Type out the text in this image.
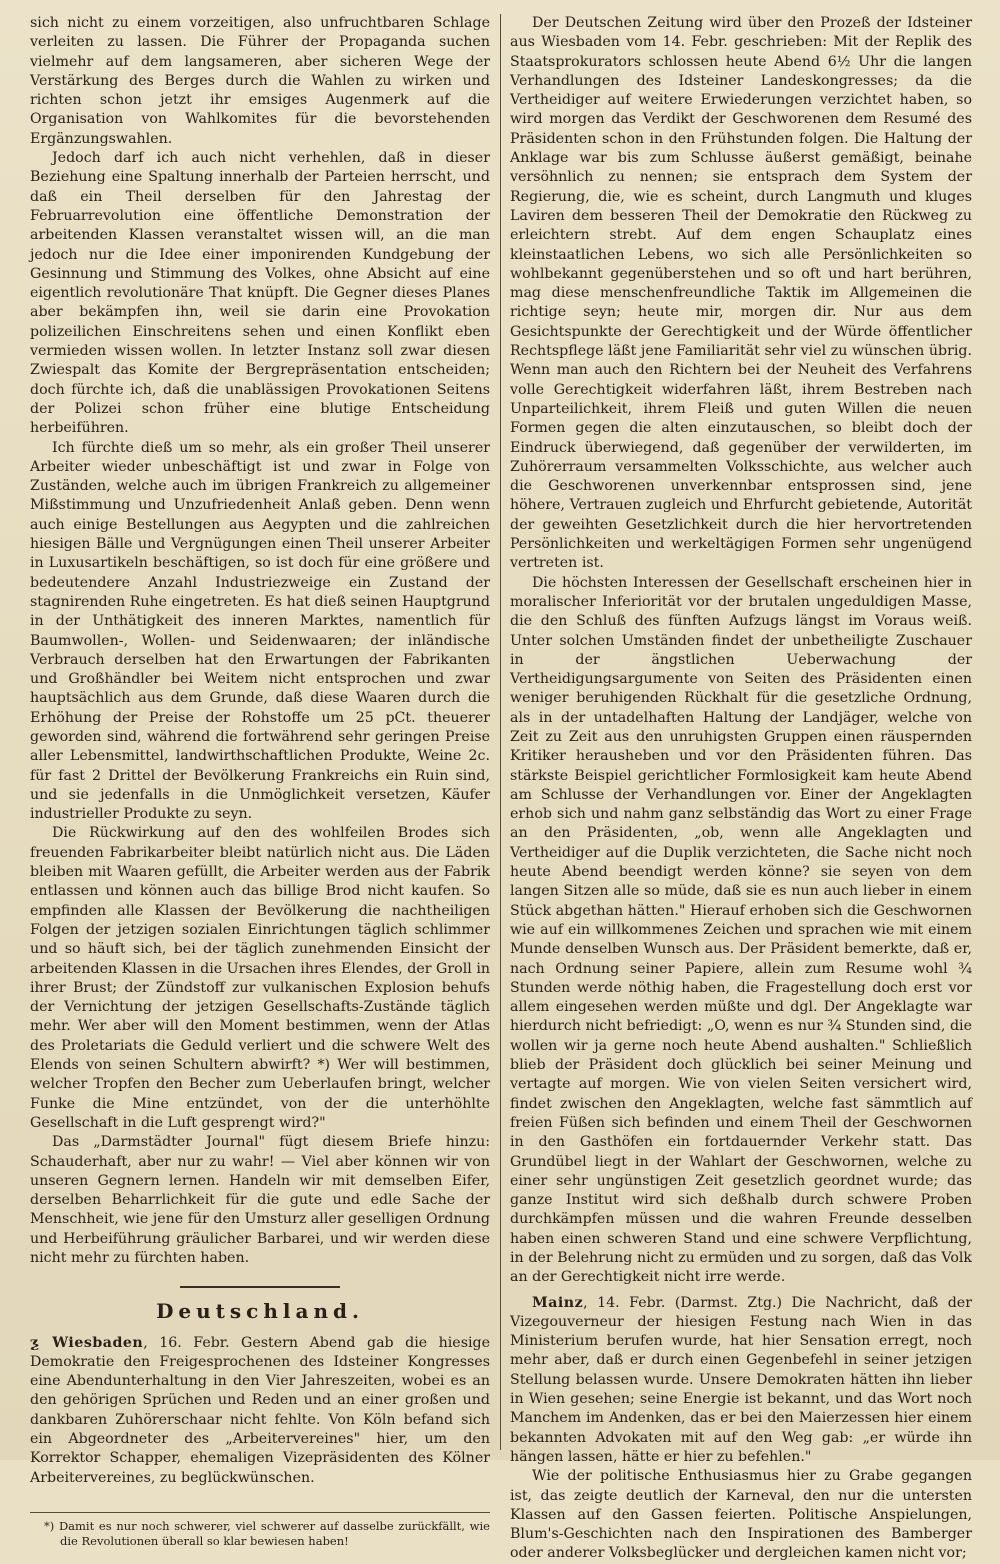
sich nicht zu einem vorzeitigen, also unfruchtbaren Schlage verleiten zu lassen. Die Führer der Propaganda suchen vielmehr auf dem langsameren, aber sicheren Wege der Verstärkung des Berges durch die Wahlen zu wirken und richten schon jetzt ihr emsiges Augenmerk auf die Organisation von Wahlkomites für die bevorstehenden Ergänzungswahlen.

Jedoch darf ich auch nicht verhehlen, daß in dieser Beziehung eine Spaltung innerhalb der Parteien herrscht, und daß ein Theil derselben für den Jahrestag der Februarrevolution eine öffentliche Demonstration der arbeitenden Klassen veranstaltet wissen will, an die man jedoch nur die Idee einer imponirenden Kundgebung der Gesinnung und Stimmung des Volkes, ohne Absicht auf eine eigentlich revolutionäre That knüpft. Die Gegner dieses Planes aber bekämpfen ihn, weil sie darin eine Provokation polizeilichen Einschreitens sehen und einen Konflikt eben vermieden wissen wollen. In letzter Instanz soll zwar diesen Zwiespalt das Komite der Bergrepräsentation entscheiden; doch fürchte ich, daß die unablässigen Provokationen Seitens der Polizei schon früher eine blutige Entscheidung herbeiführen.

Ich fürchte dieß um so mehr, als ein großer Theil unserer Arbeiter wieder unbeschäftigt ist und zwar in Folge von Zuständen, welche auch im übrigen Frankreich zu allgemeiner Mißstimmung und Unzufriedenheit Anlaß geben. Denn wenn auch einige Bestellungen aus Aegypten und die zahlreichen hiesigen Bälle und Vergnügungen einen Theil unserer Arbeiter in Luxusartikeln beschäftigen, so ist doch für eine größere und bedeutendere Anzahl Industriezweige ein Zustand der stagnirenden Ruhe eingetreten. Es hat dieß seinen Hauptgrund in der Unthätigkeit des inneren Marktes, namentlich für Baumwollen-, Wollen- und Seidenwaaren; der inländische Verbrauch derselben hat den Erwartungen der Fabrikanten und Großhändler bei Weitem nicht entsprochen und zwar hauptsächlich aus dem Grunde, daß diese Waaren durch die Erhöhung der Preise der Rohstoffe um 25 pCt. theuerer geworden sind, während die fortwährend sehr geringen Preise aller Lebensmittel, landwirthschaftlichen Produkte, Weine 2c. für fast 2 Drittel der Bevölkerung Frankreichs ein Ruin sind, und sie jedenfalls in die Unmöglichkeit versetzen, Käufer industrieller Produkte zu seyn.

Die Rückwirkung auf den des wohlfeilen Brodes sich freuenden Fabrikarbeiter bleibt natürlich nicht aus. Die Läden bleiben mit Waaren gefüllt, die Arbeiter werden aus der Fabrik entlassen und können auch das billige Brod nicht kaufen. So empfinden alle Klassen der Bevölkerung die nachtheiligen Folgen der jetzigen sozialen Einrichtungen täglich schlimmer und so häuft sich, bei der täglich zunehmenden Einsicht der arbeitenden Klassen in die Ursachen ihres Elendes, der Groll in ihrer Brust; der Zündstoff zur vulkanischen Explosion behufs der Vernichtung der jetzigen Gesellschafts-Zustände täglich mehr. Wer aber will den Moment bestimmen, wenn der Atlas des Proletariats die Geduld verliert und die schwere Welt des Elends von seinen Schultern abwirft? *) Wer will bestimmen, welcher Tropfen den Becher zum Ueberlaufen bringt, welcher Funke die Mine entzündet, von der die unterhöhlte Gesellschaft in die Luft gesprengt wird?"

Das „Darmstädter Journal" fügt diesem Briefe hinzu: Schauderhaft, aber nur zu wahr! — Viel aber können wir von unseren Gegnern lernen. Handeln wir mit demselben Eifer, derselben Beharrlichkeit für die gute und edle Sache der Menschheit, wie jene für den Umsturz aller geselligen Ordnung und Herbeiführung gräulicher Barbarei, und wir werden diese nicht mehr zu fürchten haben.

Deutschland.

ƺ Wiesbaden, 16. Febr. Gestern Abend gab die hiesige Demokratie den Freigesprochenen des Idsteiner Kongresses eine Abendunterhaltung in den Vier Jahreszeiten, wobei es an den gehörigen Sprüchen und Reden und an einer großen und dankbaren Zuhörerschaar nicht fehlte. Von Köln befand sich ein Abgeordneter des „Arbeitervereines" hier, um den Korrektor Schapper, ehemaligen Vizepräsidenten des Kölner Arbeitervereines, zu beglückwünschen.

*) Damit es nur noch schwerer, viel schwerer auf dasselbe zurückfällt, wie die Revolutionen überall so klar bewiesen haben!

Der Deutschen Zeitung wird über den Prozeß der Idsteiner aus Wiesbaden vom 14. Febr. geschrieben: Mit der Replik des Staatsprokurators schlossen heute Abend 6½ Uhr die langen Verhandlungen des Idsteiner Landeskongresses; da die Vertheidiger auf weitere Erwiederungen verzichtet haben, so wird morgen das Verdikt der Geschworenen dem Resumé des Präsidenten schon in den Frühstunden folgen. Die Haltung der Anklage war bis zum Schlusse äußerst gemäßigt, beinahe versöhnlich zu nennen; sie entsprach dem System der Regierung, die, wie es scheint, durch Langmuth und kluges Laviren dem besseren Theil der Demokratie den Rückweg zu erleichtern strebt. Auf dem engen Schauplatz eines kleinstaatlichen Lebens, wo sich alle Persönlichkeiten so wohlbekannt gegenüberstehen und so oft und hart berühren, mag diese menschenfreundliche Taktik im Allgemeinen die richtige seyn; heute mir, morgen dir. Nur aus dem Gesichtspunkte der Gerechtigkeit und der Würde öffentlicher Rechtspflege läßt jene Familiarität sehr viel zu wünschen übrig. Wenn man auch den Richtern bei der Neuheit des Verfahrens volle Gerechtigkeit widerfahren läßt, ihrem Bestreben nach Unparteilichkeit, ihrem Fleiß und guten Willen die neuen Formen gegen die alten einzutauschen, so bleibt doch der Eindruck überwiegend, daß gegenüber der verwilderten, im Zuhörerraum versammelten Volksschichte, aus welcher auch die Geschworenen unverkennbar entsprossen sind, jene höhere, Vertrauen zugleich und Ehrfurcht gebietende, Autorität der geweihten Gesetzlichkeit durch die hier hervortretenden Persönlichkeiten und werkeltägigen Formen sehr ungenügend vertreten ist.

Die höchsten Interessen der Gesellschaft erscheinen hier in moralischer Inferiorität vor der brutalen ungeduldigen Masse, die den Schluß des fünften Aufzugs längst im Voraus weiß. Unter solchen Umständen findet der unbetheiligte Zuschauer in der ängstlichen Ueberwachung der Vertheidigungsargumente von Seiten des Präsidenten einen weniger beruhigenden Rückhalt für die gesetzliche Ordnung, als in der untadelhaften Haltung der Landjäger, welche von Zeit zu Zeit aus den unruhigsten Gruppen einen räuspernden Kritiker herausheben und vor den Präsidenten führen. Das stärkste Beispiel gerichtlicher Formlosigkeit kam heute Abend am Schlusse der Verhandlungen vor. Einer der Angeklagten erhob sich und nahm ganz selbständig das Wort zu einer Frage an den Präsidenten, „ob, wenn alle Angeklagten und Vertheidiger auf die Duplik verzichteten, die Sache nicht noch heute Abend beendigt werden könne? sie seyen von dem langen Sitzen alle so müde, daß sie es nun auch lieber in einem Stück abgethan hätten." Hierauf erhoben sich die Geschwornen wie auf ein willkommenes Zeichen und sprachen wie mit einem Munde denselben Wunsch aus. Der Präsident bemerkte, daß er, nach Ordnung seiner Papiere, allein zum Resume wohl ¾ Stunden werde nöthig haben, die Fragestellung doch erst vor allem eingesehen werden müßte und dgl. Der Angeklagte war hierdurch nicht befriedigt: „O, wenn es nur ¾ Stunden sind, die wollen wir ja gerne noch heute Abend aushalten." Schließlich blieb der Präsident doch glücklich bei seiner Meinung und vertagte auf morgen. Wie von vielen Seiten versichert wird, findet zwischen den Angeklagten, welche fast sämmtlich auf freien Füßen sich befinden und einem Theil der Geschwornen in den Gasthöfen ein fortdauernder Verkehr statt. Das Grundübel liegt in der Wahlart der Geschwornen, welche zu einer sehr ungünstigen Zeit gesetzlich geordnet wurde; das ganze Institut wird sich deßhalb durch schwere Proben durchkämpfen müssen und die wahren Freunde desselben haben einen schweren Stand und eine schwere Verpflichtung, in der Belehrung nicht zu ermüden und zu sorgen, daß das Volk an der Gerechtigkeit nicht irre werde.

Mainz, 14. Febr. (Darmst. Ztg.) Die Nachricht, daß der Vizegouverneur der hiesigen Festung nach Wien in das Ministerium berufen wurde, hat hier Sensation erregt, noch mehr aber, daß er durch einen Gegenbefehl in seiner jetzigen Stellung belassen wurde. Unsere Demokraten hätten ihn lieber in Wien gesehen; seine Energie ist bekannt, und das Wort noch Manchem im Andenken, das er bei den Maierzessen hier einem bekannten Advokaten mit auf den Weg gab: „er würde ihn hängen lassen, hätte er hier zu befehlen."

Wie der politische Enthusiasmus hier zu Grabe gegangen ist, das zeigte deutlich der Karneval, den nur die untersten Klassen auf den Gassen feierten. Politische Anspielungen, Blum's-Geschichten nach den Inspirationen des Bamberger oder anderer Volksbeglücker und dergleichen kamen nicht vor;
